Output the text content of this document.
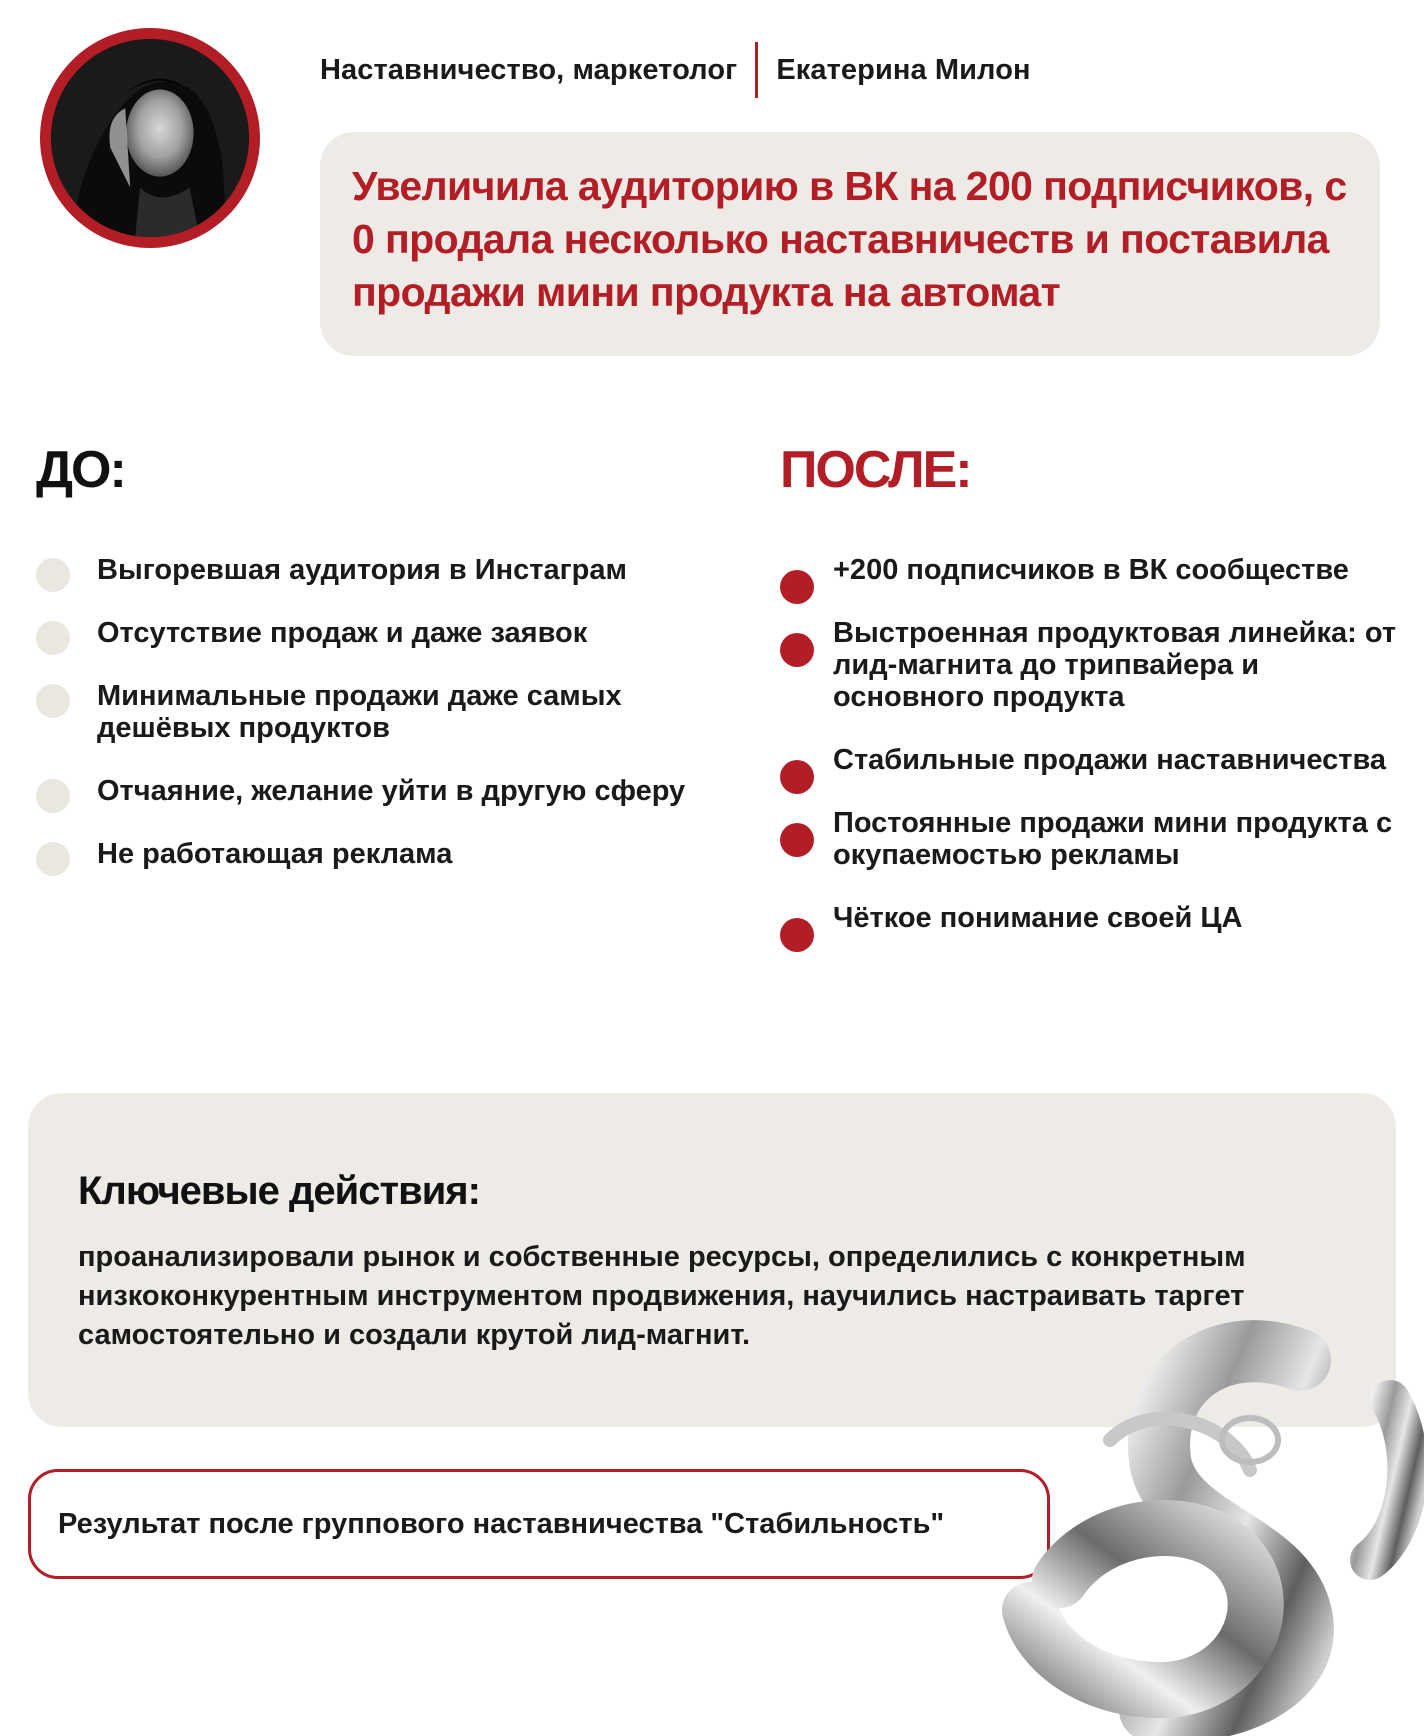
Наставничество, маркетолог Екатерина Милон
Увеличила аудиторию в ВК на 200 подписчиков, с 0 продала несколько наставничеств и поставила продажи мини продукта на автомат
ДО:	ПОСЛЕ:
Выгоревшая аудитория в Инстаграм
Отсутствие продаж и даже заявок
Минимальные продажи даже самых дешёвых продуктов
Отчаяние, желание уйти в другую сферу
Не работающая реклама
+200 подписчиков в ВК сообществе
Выстроенная продуктовая линейка: от лид-магнита до трипвайера и основного продукта
Стабильные продажи наставничества
Постоянные продажи мини продукта с окупаемостью рекламы
Чёткое понимание своей ЦА
Ключевые действия:
проанализировали рынок и собственные ресурсы, определились с конкретным низкоконкурентным инструментом продвижения, научились настраивать таргет самостоятельно и создали крутой лид-магнит.
Результат после группового наставничества "Стабильность"
